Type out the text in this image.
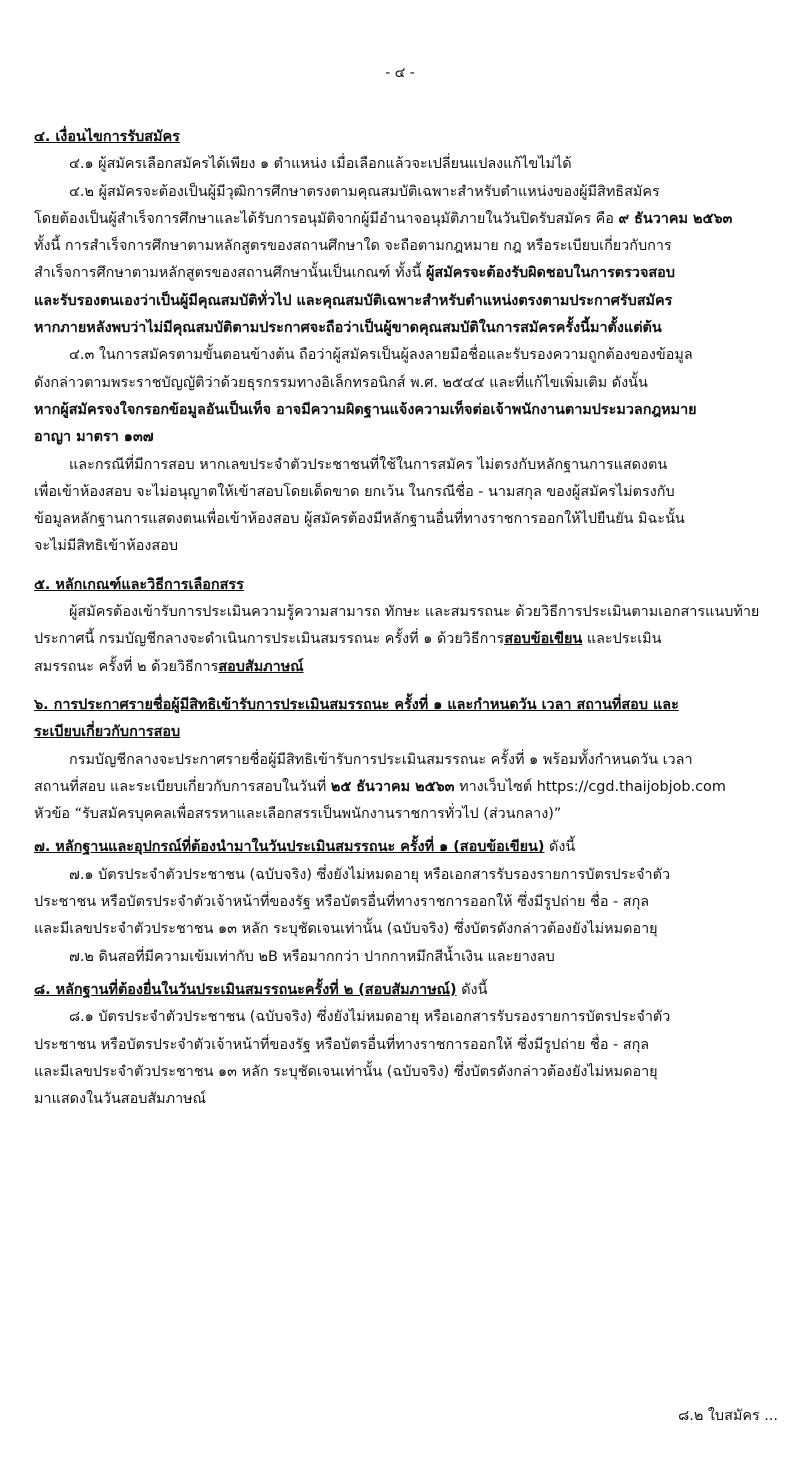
- ๔ -
๔. เงื่อนไขการรับสมัคร
๔.๑ ผู้สมัครเลือกสมัครได้เพียง ๑ ตำแหน่ง เมื่อเลือกแล้วจะเปลี่ยนแปลงแก้ไขไม่ได้
๔.๒ ผู้สมัครจะต้องเป็นผู้มีวุฒิการศึกษาตรงตามคุณสมบัติเฉพาะสำหรับตำแหน่งของผู้มีสิทธิสมัคร
โดยต้องเป็นผู้สำเร็จการศึกษาและได้รับการอนุมัติจากผู้มีอำนาจอนุมัติภายในวันปิดรับสมัคร คือ ๙ ธันวาคม ๒๕๖๓
ทั้งนี้ การสำเร็จการศึกษาตามหลักสูตรของสถานศึกษาใด จะถือตามกฎหมาย กฎ หรือระเบียบเกี่ยวกับการ
สำเร็จการศึกษาตามหลักสูตรของสถานศึกษานั้นเป็นเกณฑ์ ทั้งนี้ ผู้สมัครจะต้องรับผิดชอบในการตรวจสอบ
และรับรองตนเองว่าเป็นผู้มีคุณสมบัติทั่วไป และคุณสมบัติเฉพาะสำหรับตำแหน่งตรงตามประกาศรับสมัคร
หากภายหลังพบว่าไม่มีคุณสมบัติตามประกาศจะถือว่าเป็นผู้ขาดคุณสมบัติในการสมัครครั้งนี้มาตั้งแต่ต้น
๔.๓ ในการสมัครตามขั้นตอนข้างต้น ถือว่าผู้สมัครเป็นผู้ลงลายมือชื่อและรับรองความถูกต้องของข้อมูล
ดังกล่าวตามพระราชบัญญัติว่าด้วยธุรกรรมทางอิเล็กทรอนิกส์ พ.ศ. ๒๕๔๔ และที่แก้ไขเพิ่มเติม ดังนั้น
หากผู้สมัครจงใจกรอกข้อมูลอันเป็นเท็จ อาจมีความผิดฐานแจ้งความเท็จต่อเจ้าพนักงานตามประมวลกฎหมาย
อาญา มาตรา ๑๓๗
และกรณีที่มีการสอบ หากเลขประจำตัวประชาชนที่ใช้ในการสมัคร ไม่ตรงกับหลักฐานการแสดงตน
เพื่อเข้าห้องสอบ จะไม่อนุญาตให้เข้าสอบโดยเด็ดขาด ยกเว้น ในกรณีชื่อ - นามสกุล ของผู้สมัครไม่ตรงกับ
ข้อมูลหลักฐานการแสดงตนเพื่อเข้าห้องสอบ ผู้สมัครต้องมีหลักฐานอื่นที่ทางราชการออกให้ไปยืนยัน มิฉะนั้น
จะไม่มีสิทธิเข้าห้องสอบ
๕. หลักเกณฑ์และวิธีการเลือกสรร
ผู้สมัครต้องเข้ารับการประเมินความรู้ความสามารถ ทักษะ และสมรรถนะ ด้วยวิธีการประเมินตามเอกสารแนบท้าย
ประกาศนี้ กรมบัญชีกลางจะดำเนินการประเมินสมรรถนะ ครั้งที่ ๑ ด้วยวิธีการสอบข้อเขียน และประเมิน
สมรรถนะ ครั้งที่ ๒ ด้วยวิธีการสอบสัมภาษณ์
๖. การประกาศรายชื่อผู้มีสิทธิเข้ารับการประเมินสมรรถนะ ครั้งที่ ๑ และกำหนดวัน เวลา สถานที่สอบ และ
ระเบียบเกี่ยวกับการสอบ
กรมบัญชีกลางจะประกาศรายชื่อผู้มีสิทธิเข้ารับการประเมินสมรรถนะ ครั้งที่ ๑ พร้อมทั้งกำหนดวัน เวลา
สถานที่สอบ และระเบียบเกี่ยวกับการสอบในวันที่ ๒๕ ธันวาคม ๒๕๖๓ ทางเว็บไซต์ https://cgd.thaijobjob.com
หัวข้อ “รับสมัครบุคคลเพื่อสรรหาและเลือกสรรเป็นพนักงานราชการทั่วไป (ส่วนกลาง)”
๗. หลักฐานและอุปกรณ์ที่ต้องนำมาในวันประเมินสมรรถนะ ครั้งที่ ๑ (สอบข้อเขียน) ดังนี้
๗.๑ บัตรประจำตัวประชาชน (ฉบับจริง) ซึ่งยังไม่หมดอายุ หรือเอกสารรับรองรายการบัตรประจำตัว
ประชาชน หรือบัตรประจำตัวเจ้าหน้าที่ของรัฐ หรือบัตรอื่นที่ทางราชการออกให้ ซึ่งมีรูปถ่าย ชื่อ - สกุล
และมีเลขประจำตัวประชาชน ๑๓ หลัก ระบุชัดเจนเท่านั้น (ฉบับจริง) ซึ่งบัตรดังกล่าวต้องยังไม่หมดอายุ
๗.๒ ดินสอที่มีความเข้มเท่ากับ ๒B หรือมากกว่า ปากกาหมึกสีน้ำเงิน และยางลบ
๘. หลักฐานที่ต้องยื่นในวันประเมินสมรรถนะครั้งที่ ๒ (สอบสัมภาษณ์) ดังนี้
๘.๑ บัตรประจำตัวประชาชน (ฉบับจริง) ซึ่งยังไม่หมดอายุ หรือเอกสารรับรองรายการบัตรประจำตัว
ประชาชน หรือบัตรประจำตัวเจ้าหน้าที่ของรัฐ หรือบัตรอื่นที่ทางราชการออกให้ ซึ่งมีรูปถ่าย ชื่อ - สกุล
และมีเลขประจำตัวประชาชน ๑๓ หลัก ระบุชัดเจนเท่านั้น (ฉบับจริง) ซึ่งบัตรดังกล่าวต้องยังไม่หมดอายุ
มาแสดงในวันสอบสัมภาษณ์
๘.๒ ใบสมัคร ...
